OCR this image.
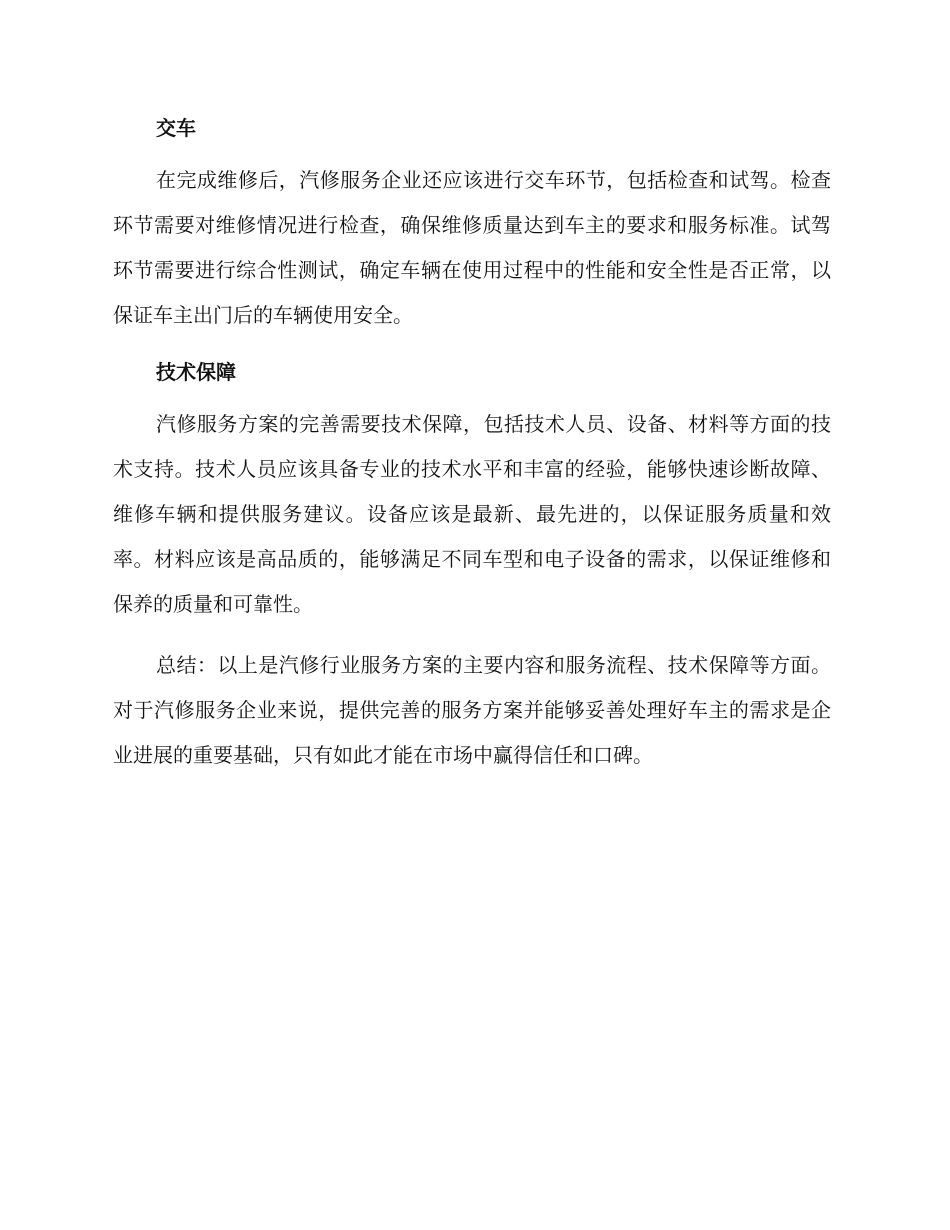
交车

在完成维修后，汽修服务企业还应该进行交车环节，包括检查和试驾。检查环节需要对维修情况进行检查，确保维修质量达到车主的要求和服务标准。试驾环节需要进行综合性测试，确定车辆在使用过程中的性能和安全性是否正常，以保证车主出门后的车辆使用安全。

技术保障

汽修服务方案的完善需要技术保障，包括技术人员、设备、材料等方面的技术支持。技术人员应该具备专业的技术水平和丰富的经验，能够快速诊断故障、维修车辆和提供服务建议。设备应该是最新、最先进的，以保证服务质量和效率。材料应该是高品质的，能够满足不同车型和电子设备的需求，以保证维修和保养的质量和可靠性。

总结：以上是汽修行业服务方案的主要内容和服务流程、技术保障等方面。对于汽修服务企业来说，提供完善的服务方案并能够妥善处理好车主的需求是企业进展的重要基础，只有如此才能在市场中赢得信任和口碑。
